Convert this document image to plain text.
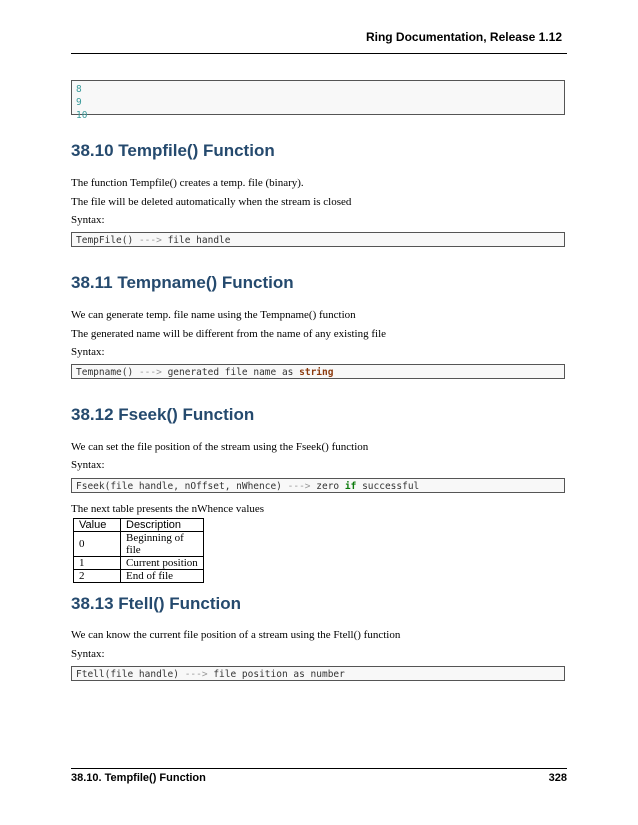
Ring Documentation, Release 1.12
8
9
10
38.10 Tempfile() Function

The function Tempfile() creates a temp. file (binary).

The file will be deleted automatically when the stream is closed

Syntax:

TempFile() ---> file handle
38.11 Tempname() Function

We can generate temp. file name using the Tempname() function

The generated name will be different from the name of any existing file

Syntax:

Tempname() ---> generated file name as string
38.12 Fseek() Function

We can set the file position of the stream using the Fseek() function

Syntax:

Fseek(file handle, nOffset, nWhence) ---> zero if successful

The next table presents the nWhence values

Value	Description
0	Beginning of file
1	Current position
2	End of file
38.13 Ftell() Function

We can know the current file position of a stream using the Ftell() function

Syntax:

Ftell(file handle) ---> file position as number
38.10. Tempfile() Function	328
